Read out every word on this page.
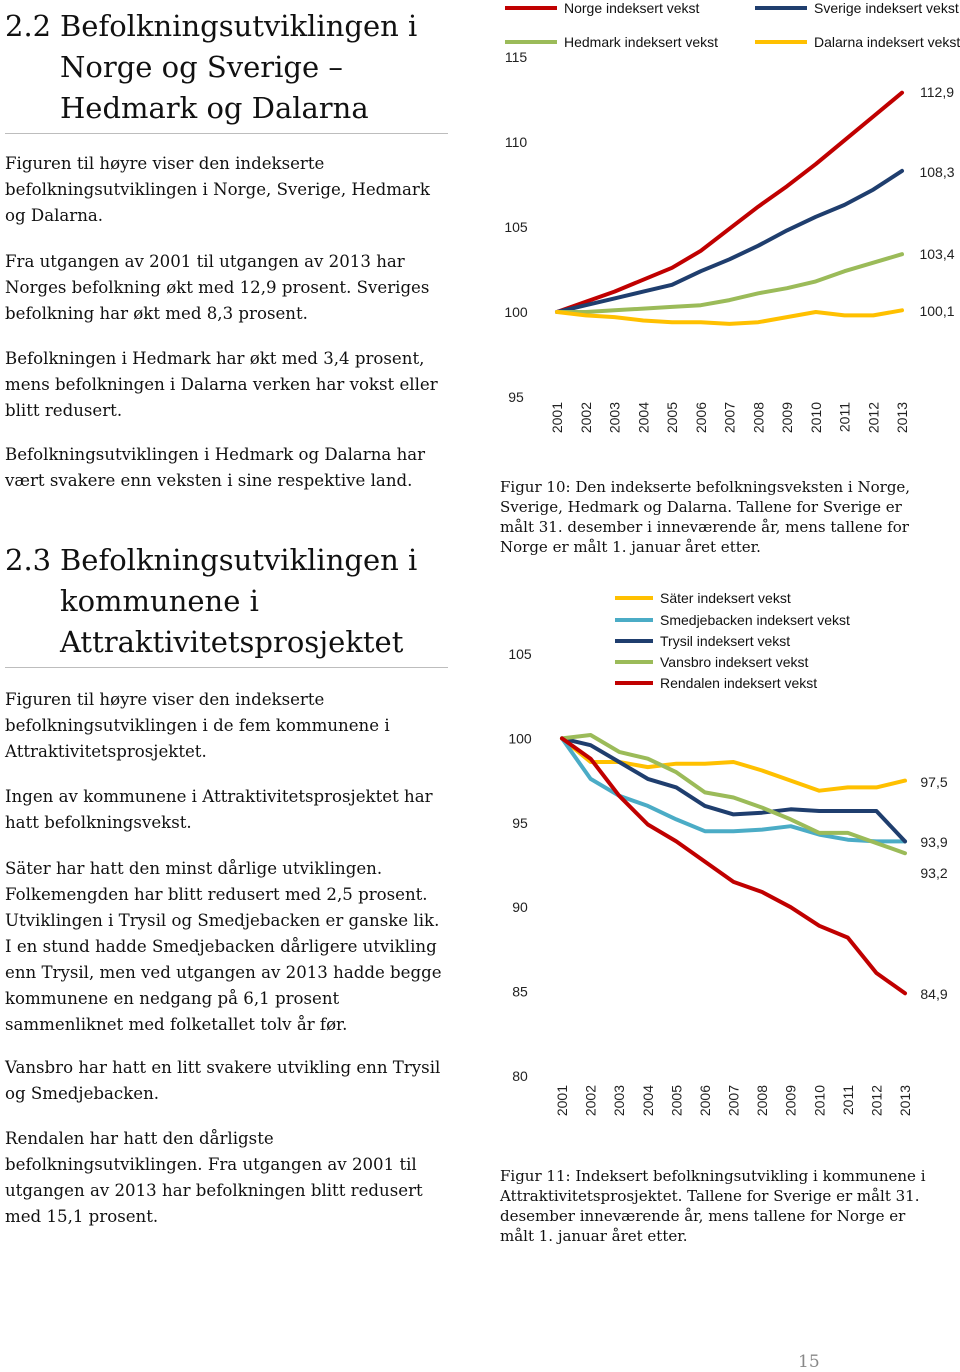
2.2 Befolkningsutviklingen i
Norge og Sverige –
Hedmark og Dalarna

Figuren til høyre viser den indekserte befolkningsutviklingen i Norge, Sverige, Hedmark og Dalarna.

Fra utgangen av 2001 til utgangen av 2013 har Norges befolkning økt med 12,9 prosent. Sveriges befolkning har økt med 8,3 prosent.

Befolkningen i Hedmark har økt med 3,4 prosent, mens befolkningen i Dalarna verken har vokst eller blitt redusert.

Befolkningsutviklingen i Hedmark og Dalarna har vært svakere enn veksten i sine respektive land.

2.3 Befolkningsutviklingen i
kommunene i
Attraktivitetsprosjektet

Figuren til høyre viser den indekserte befolkningsutviklingen i de fem kommunene i Attraktivitetsprosjektet.

Ingen av kommunene i Attraktivitetsprosjektet har hatt befolkningsvekst.

Säter har hatt den minst dårlige utviklingen. Folkemengden har blitt redusert med 2,5 prosent. Utviklingen i Trysil og Smedjebacken er ganske lik. I en stund hadde Smedjebacken dårligere utvikling enn Trysil, men ved utgangen av 2013 hadde begge kommunene en nedgang på 6,1 prosent sammenliknet med folketallet tolv år før.

Vansbro har hatt en litt svakere utvikling enn Trysil og Smedjebacken.

Rendalen har hatt den dårligste befolkningsutviklingen. Fra utgangen av 2001 til utgangen av 2013 har befolkningen blitt redusert med 15,1 prosent.

95
100
105
110
115
2001 2002 2003 2004 2005 2006 2007 2008 2009 2010 2011 2012 2013
Norge indeksert vekst
112,9
Sverige indeksert vekst
108,3
Hedmark indeksert vekst
103,4
Dalarna indeksert vekst
100,1

Figur 10: Den indekserte befolkningsveksten i Norge, Sverige, Hedmark og Dalarna. Tallene for Sverige er målt 31. desember i inneværende år, mens tallene for Norge er målt 1. januar året etter.

80
85
90
95
100
105
2001 2002 2003 2004 2005 2006 2007 2008 2009 2010 2011 2012 2013
Säter indeksert vekst
97,5
Smedjebacken indeksert vekst
93,9
Trysil indeksert vekst
Vansbro indeksert vekst
93,2
Rendalen indeksert vekst
84,9

Figur 11: Indeksert befolkningsutvikling i kommunene i Attraktivitetsprosjektet. Tallene for Sverige er målt 31. desember inneværende år, mens tallene for Norge er målt 1. januar året etter.

15
